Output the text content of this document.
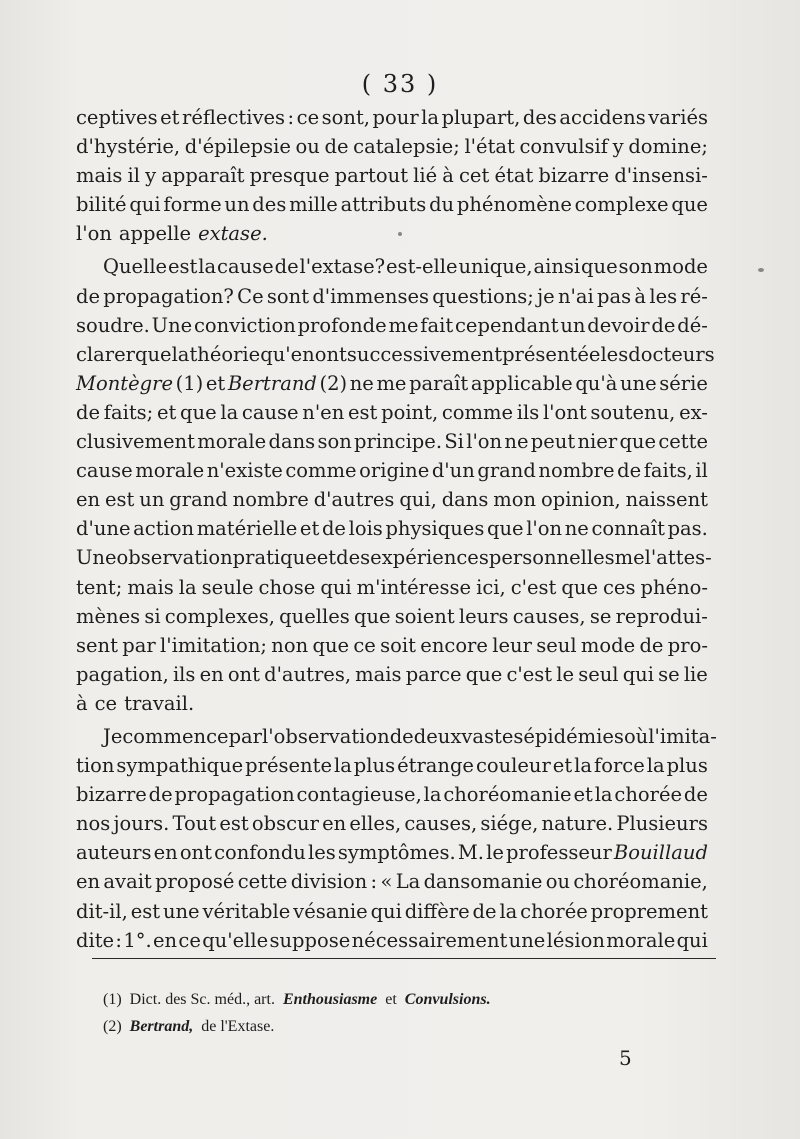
( 33 )
ceptives et réflectives : ce sont, pour la plupart, des accidens variés
d'hystérie, d'épilepsie ou de catalepsie; l'état convulsif y domine;
mais il y apparaît presque partout lié à cet état bizarre d'insensi-
bilité qui forme un des mille attributs du phénomène complexe que
l'on appelle extase.
Quelle est la cause de l'extase? est-elle unique, ainsi que son mode
de propagation? Ce sont d'immenses questions; je n'ai pas à les ré-
soudre. Une conviction profonde me fait cependant un devoir de dé-
clarer que la théorie qu'en ont successivement présentée les docteurs
Montègre (1) et Bertrand (2) ne me paraît applicable qu'à une série
de faits; et que la cause n'en est point, comme ils l'ont soutenu, ex-
clusivement morale dans son principe. Si l'on ne peut nier que cette
cause morale n'existe comme origine d'un grand nombre de faits, il
en est un grand nombre d'autres qui, dans mon opinion, naissent
d'une action matérielle et de lois physiques que l'on ne connaît pas.
Une observation pratique et des expériences personnelles me l'attes-
tent; mais la seule chose qui m'intéresse ici, c'est que ces phéno-
mènes si complexes, quelles que soient leurs causes, se reprodui-
sent par l'imitation; non que ce soit encore leur seul mode de pro-
pagation, ils en ont d'autres, mais parce que c'est le seul qui se lie
à ce travail.
Je commence par l'observation de deux vastes épidémies où l'imita-
tion sympathique présente la plus étrange couleur et la force la plus
bizarre de propagation contagieuse, la choréomanie et la chorée de
nos jours. Tout est obscur en elles, causes, siége, nature. Plusieurs
auteurs en ont confondu les symptômes. M. le professeur Bouillaud
en avait proposé cette division : « La dansomanie ou choréomanie,
dit-il, est une véritable vésanie qui diffère de la chorée proprement
dite : 1°. en ce qu'elle suppose nécessairement une lésion morale qui
(1) Dict. des Sc. méd., art. Enthousiasme et Convulsions.
(2) Bertrand, de l'Extase.
5
